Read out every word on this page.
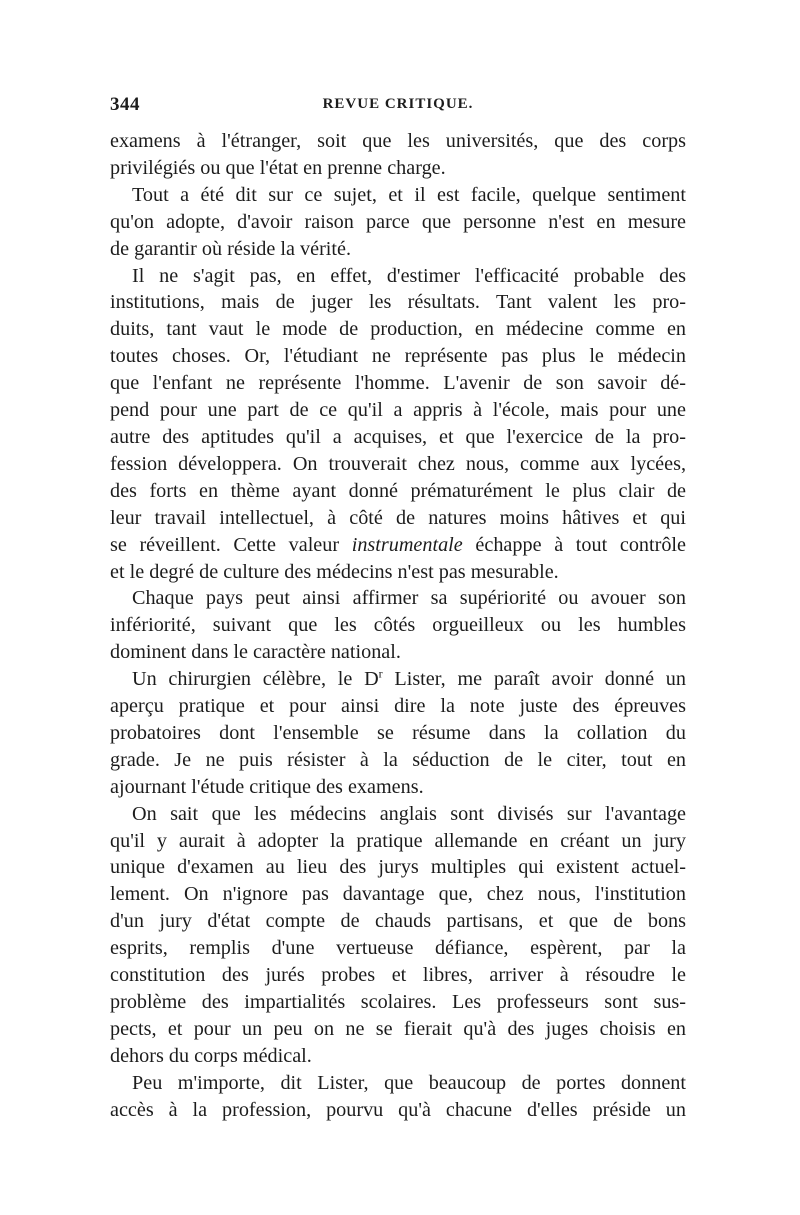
344	REVUE CRITIQUE.

examens à l'étranger, soit que les universités, que des corps
privilégiés ou que l'état en prenne charge.

Tout a été dit sur ce sujet, et il est facile, quelque sentiment
qu'on adopte, d'avoir raison parce que personne n'est en mesure
de garantir où réside la vérité.

Il ne s'agit pas, en effet, d'estimer l'efficacité probable des
institutions, mais de juger les résultats. Tant valent les pro-
duits, tant vaut le mode de production, en médecine comme en
toutes choses. Or, l'étudiant ne représente pas plus le médecin
que l'enfant ne représente l'homme. L'avenir de son savoir dé-
pend pour une part de ce qu'il a appris à l'école, mais pour une
autre des aptitudes qu'il a acquises, et que l'exercice de la pro-
fession développera. On trouverait chez nous, comme aux lycées,
des forts en thème ayant donné prématurément le plus clair de
leur travail intellectuel, à côté de natures moins hâtives et qui
se réveillent. Cette valeur instrumentale échappe à tout contrôle
et le degré de culture des médecins n'est pas mesurable.

Chaque pays peut ainsi affirmer sa supériorité ou avouer son
infériorité, suivant que les côtés orgueilleux ou les humbles
dominent dans le caractère national.

Un chirurgien célèbre, le $D^r$ Lister, me paraît avoir donné un
aperçu pratique et pour ainsi dire la note juste des épreuves
probatoires dont l'ensemble se résume dans la collation du
grade. Je ne puis résister à la séduction de le citer, tout en
ajournant l'étude critique des examens.

On sait que les médecins anglais sont divisés sur l'avantage
qu'il y aurait à adopter la pratique allemande en créant un jury
unique d'examen au lieu des jurys multiples qui existent actuel-
lement. On n'ignore pas davantage que, chez nous, l'institution
d'un jury d'état compte de chauds partisans, et que de bons
esprits, remplis d'une vertueuse défiance, espèrent, par la
constitution des jurés probes et libres, arriver à résoudre le
problème des impartialités scolaires. Les professeurs sont sus-
pects, et pour un peu on ne se fierait qu'à des juges choisis en
dehors du corps médical.

Peu m'importe, dit Lister, que beaucoup de portes donnent
accès à la profession, pourvu qu'à chacune d'elles préside un
